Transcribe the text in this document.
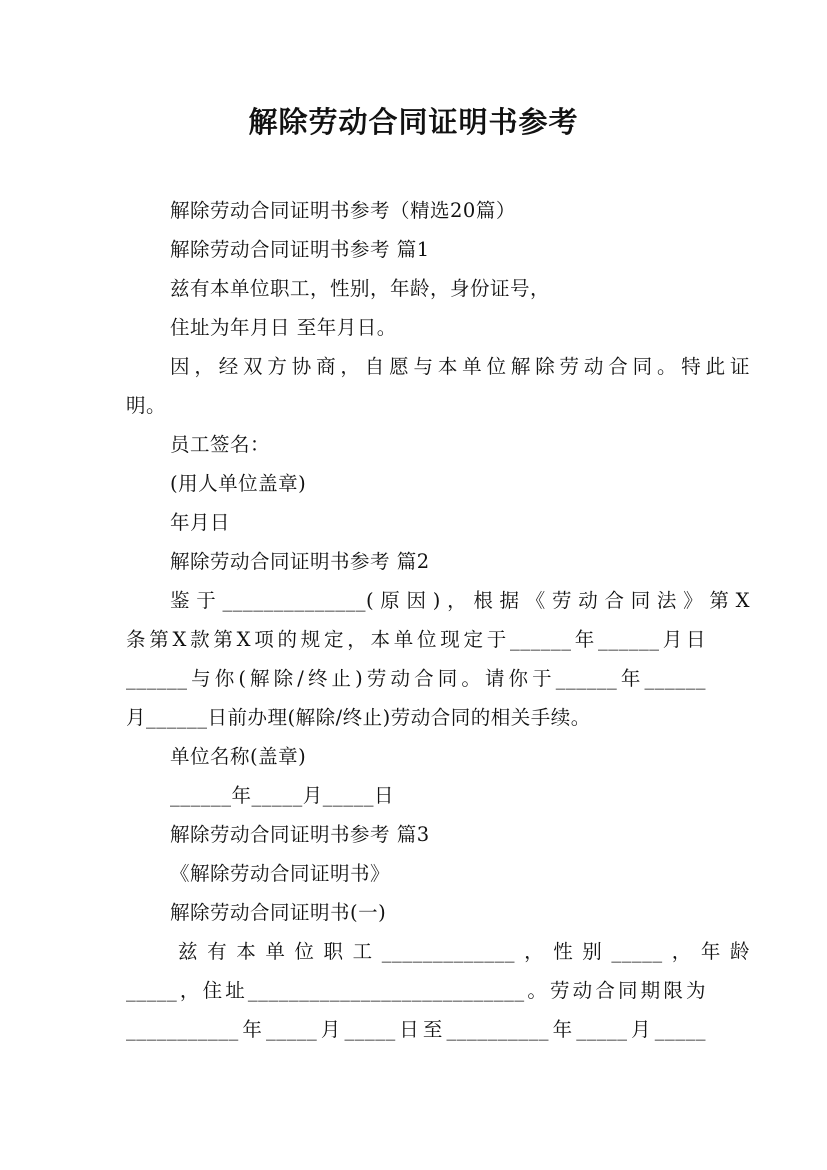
解除劳动合同证明书参考
解除劳动合同证明书参考（精选20篇）
解除劳动合同证明书参考 篇1
兹有本单位职工，性别，年龄，身份证号，
住址为年月日 至年月日。
因，经双方协商，自愿与本单位解除劳动合同。特此证
明。
员工签名：
(用人单位盖章)
年月日
解除劳动合同证明书参考 篇2
鉴于______________(原因)，根据《劳动合同法》第X
条第X款第X项的规定，本单位现定于______年______月日
______与你(解除/终止)劳动合同。请你于______年______
月______日前办理(解除/终止)劳动合同的相关手续。
单位名称(盖章)
______年_____月_____日
解除劳动合同证明书参考 篇3
《解除劳动合同证明书》
解除劳动合同证明书(一)
兹有本单位职工_____________，性别_____，年龄
_____，住址___________________________。劳动合同期限为
___________年_____月_____日至__________年_____月_____
